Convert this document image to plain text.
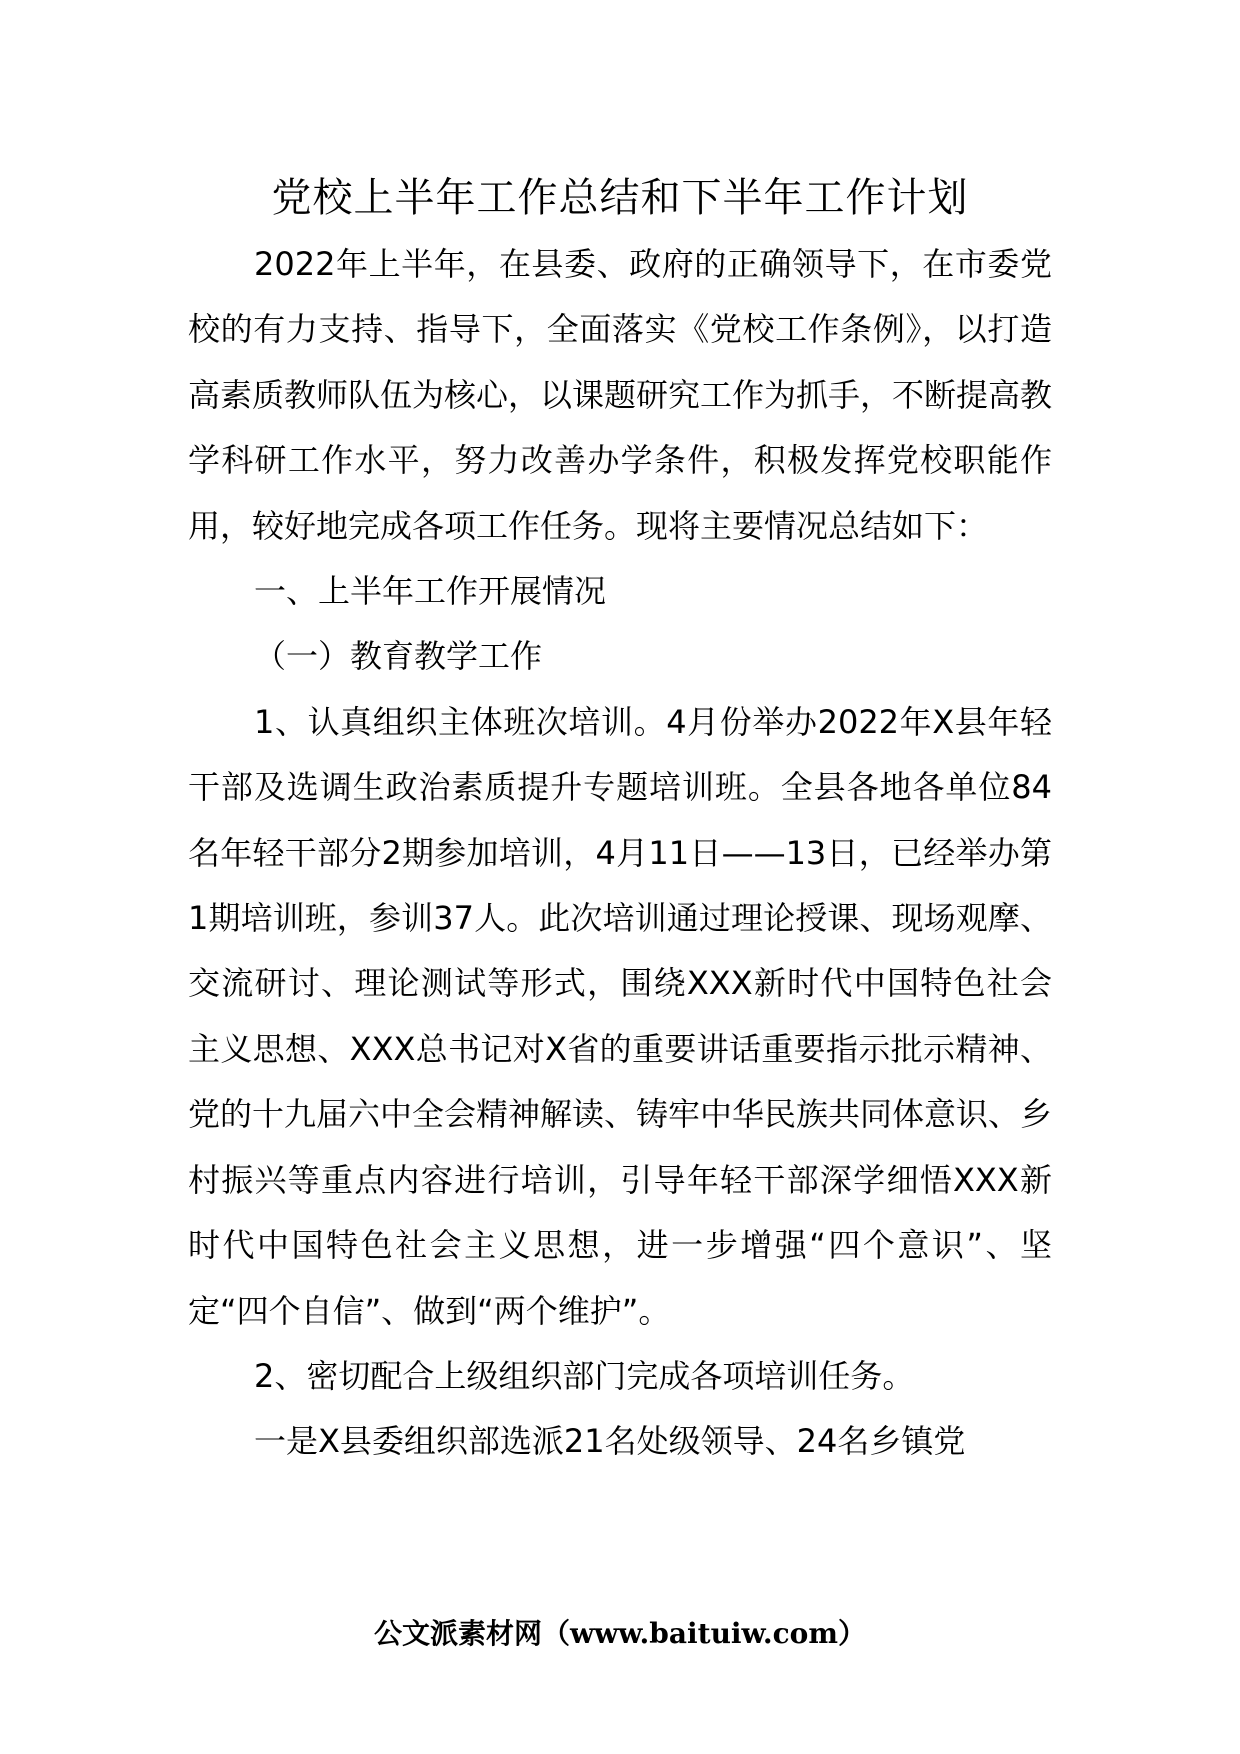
党校上半年工作总结和下半年工作计划

2022年上半年，在县委、政府的正确领导下，在市委党校的有力支持、指导下，全面落实《党校工作条例》，以打造高素质教师队伍为核心，以课题研究工作为抓手，不断提高教学科研工作水平，努力改善办学条件，积极发挥党校职能作用，较好地完成各项工作任务。现将主要情况总结如下：

一、上半年工作开展情况

（一）教育教学工作

1、认真组织主体班次培训。4月份举办2022年X县年轻干部及选调生政治素质提升专题培训班。全县各地各单位84名年轻干部分2期参加培训，4月11日——13日，已经举办第1期培训班，参训37人。此次培训通过理论授课、现场观摩、交流研讨、理论测试等形式，围绕XXX新时代中国特色社会主义思想、XXX总书记对X省的重要讲话重要指示批示精神、党的十九届六中全会精神解读、铸牢中华民族共同体意识、乡村振兴等重点内容进行培训，引导年轻干部深学细悟XXX新时代中国特色社会主义思想，进一步增强“四个意识”、坚定“四个自信”、做到“两个维护”。

2、密切配合上级组织部门完成各项培训任务。

一是X县委组织部选派21名处级领导、24名乡镇党

公文派素材网（www.baituiw.com）
